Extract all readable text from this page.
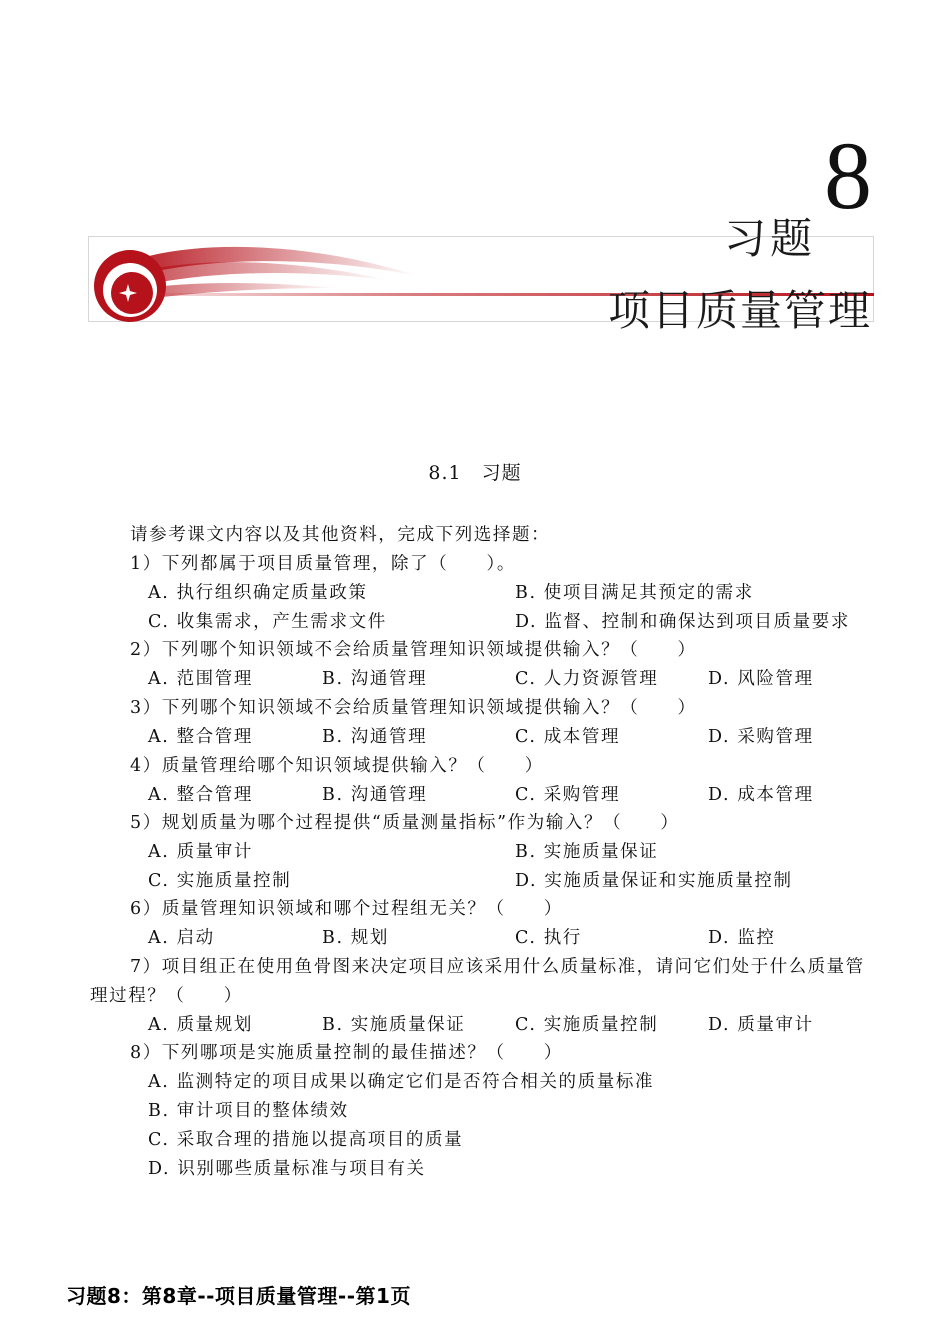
8
习题
项目质量管理
8.1　习题
请参考课文内容以及其他资料，完成下列选择题：
1）下列都属于项目质量管理，除了（　　）。
A. 执行组织确定质量政策	B. 使项目满足其预定的需求
C. 收集需求，产生需求文件	D. 监督、控制和确保达到项目质量要求
2）下列哪个知识领域不会给质量管理知识领域提供输入？（　　）
A. 范围管理	B. 沟通管理	C. 人力资源管理	D. 风险管理
3）下列哪个知识领域不会给质量管理知识领域提供输入？（　　）
A. 整合管理	B. 沟通管理	C. 成本管理	D. 采购管理
4）质量管理给哪个知识领域提供输入？（　　）
A. 整合管理	B. 沟通管理	C. 采购管理	D. 成本管理
5）规划质量为哪个过程提供“质量测量指标”作为输入？（　　）
A. 质量审计	B. 实施质量保证
C. 实施质量控制	D. 实施质量保证和实施质量控制
6）质量管理知识领域和哪个过程组无关？（　　）
A. 启动	B. 规划	C. 执行	D. 监控
7）项目组正在使用鱼骨图来决定项目应该采用什么质量标准，请问它们处于什么质量管
理过程？（　　）
A. 质量规划	B. 实施质量保证	C. 实施质量控制	D. 质量审计
8）下列哪项是实施质量控制的最佳描述？（　　）
A. 监测特定的项目成果以确定它们是否符合相关的质量标准
B. 审计项目的整体绩效
C. 采取合理的措施以提高项目的质量
D. 识别哪些质量标准与项目有关
习题8：第8章--项目质量管理--第1页
